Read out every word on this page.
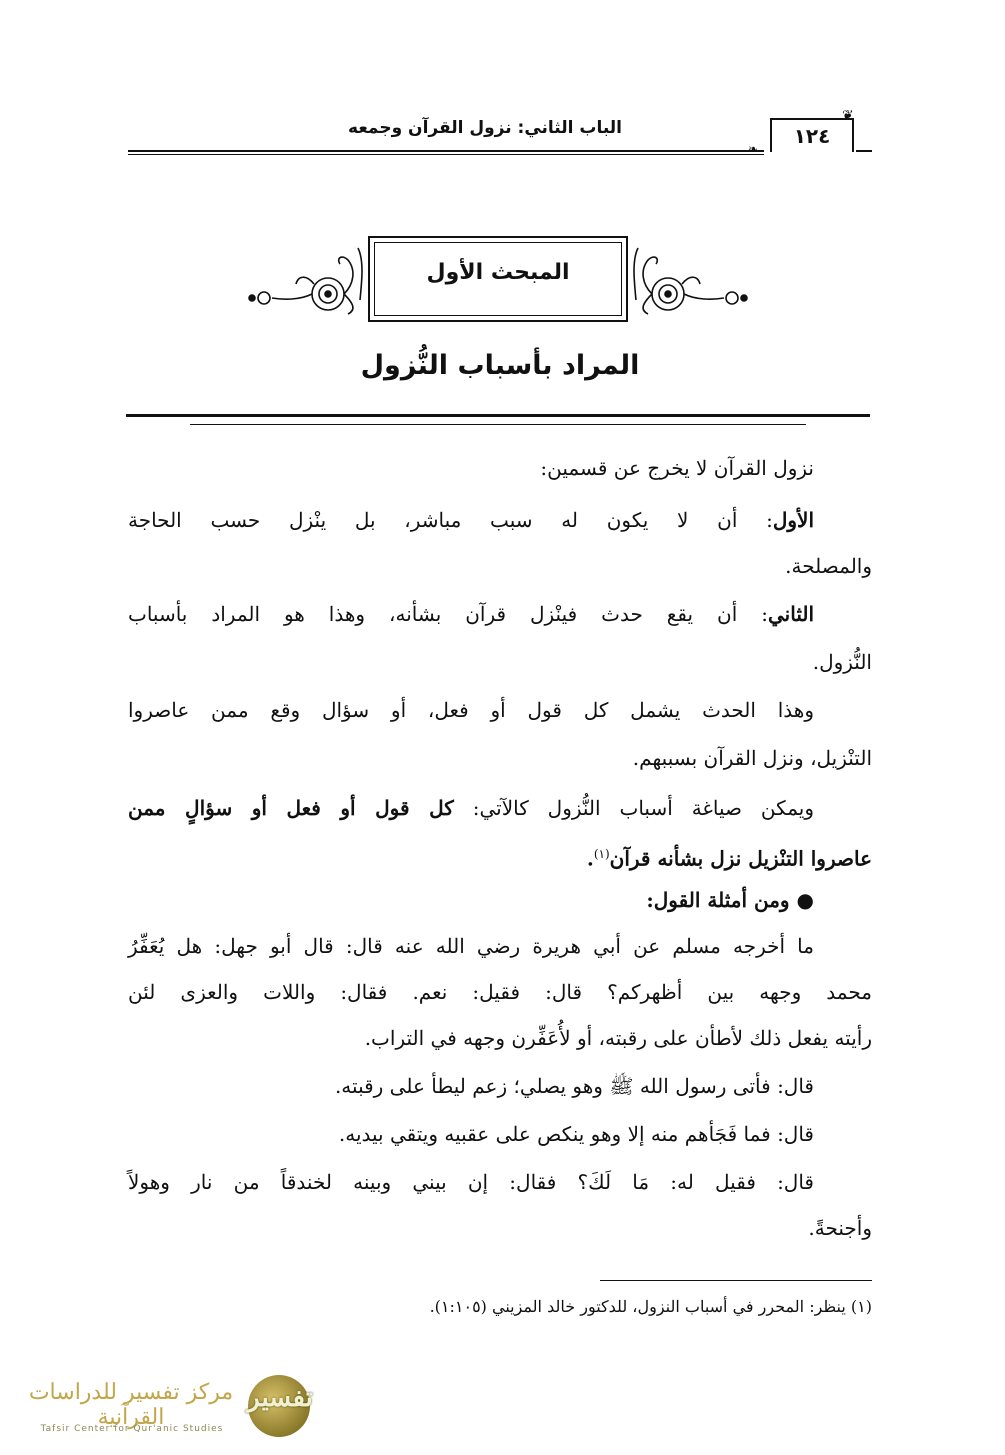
الباب الثاني: نزول القرآن وجمعه	١٢٤
❦
❧
المبحث الأول
المراد بأسباب النُّزول
نزول القرآن لا يخرج عن قسمين:
الأول: أن لا يكون له سبب مباشر، بل ينْزل حسب الحاجة
والمصلحة.
الثاني: أن يقع حدث فينْزل قرآن بشأنه، وهذا هو المراد بأسباب
النُّزول.
وهذا الحدث يشمل كل قول أو فعل، أو سؤال وقع ممن عاصروا
التنْزيل، ونزل القرآن بسببهم.
ويمكن صياغة أسباب النُّزول كالآتي: كل قول أو فعل أو سؤالٍ ممن
عاصروا التنْزيل نزل بشأنه قرآن$^{(١)}$.
● ومن أمثلة القول:
ما أخرجه مسلم عن أبي هريرة رضي الله عنه قال: قال أبو جهل: هل يُعَفِّرُ
محمد وجهه بين أظهركم؟ قال: فقيل: نعم. فقال: واللات والعزى لئن
رأيته يفعل ذلك لأطأن على رقبته، أو لأُعَفِّرن وجهه في التراب.
قال: فأتى رسول الله ﷺ وهو يصلي؛ زعم ليطأ على رقبته.
قال: فما فَجَأهم منه إلا وهو ينكص على عقبيه ويتقي بيديه.
قال: فقيل له: مَا لَكَ؟ فقال: إن بيني وبينه لخندقاً من نار وهولاً
وأجنحةً.
(١) ينظر: المحرر في أسباب النزول، للدكتور خالد المزيني (١:١٠٥).
تفسير
مركز تفسير للدراسات القرآنية
Tafsir Center for Qur'anic Studies
